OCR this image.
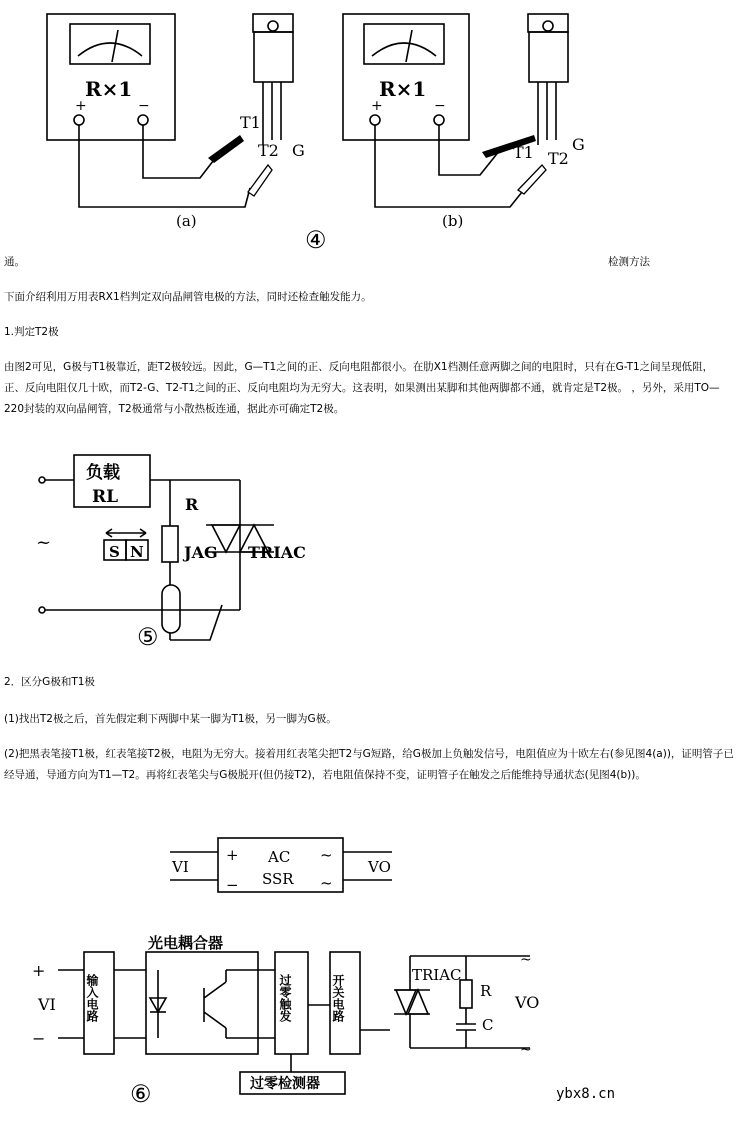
R×1	R×1
+	−	+	−
T1
T2 G	T1 T2
G
(a)	(b)
④
通。	检测方法
下面介绍利用万用表RX1档判定双向晶闸管电极的方法，同时还检查触发能力。
1.判定T2极
由图2可见，G极与T1极靠近，距T2极较远。因此，G—T1之间的正、反向电阻都很小。在肋X1档测任意两脚之间的电阻时，只有在G-T1之间呈现低阻，正、反向电阻仅几十欧，而T2-G、T2-T1之间的正、反向电阻均为无穷大。这表明，如果测出某脚和其他两脚都不通，就肯定是T2极。 ，另外，采用TO—220封装的双向晶闸管，T2极通常与小散热板连通，据此亦可确定T2极。
负载
RL	R
S N	JAG TRIAC
~
⑤
2．区分G极和T1极
(1)找出T2极之后，首先假定剩下两脚中某一脚为T1极，另一脚为G极。
(2)把黑表笔接T1极，红表笔接T2极，电阻为无穷大。接着用红表笔尖把T2与G短路，给G极加上负触发信号，电阻值应为十欧左右(参见图4(a))，证明管子已经导通，导通方向为T1—T2。再将红表笔尖与G极脱开(但仍接T2)，若电阻值保持不变，证明管子在触发之后能维持导通状态(见图4(b))。
+
−
AC
SSR
~
~
VI	VO
光电耦合器
输入电路	过零触发	开关电路	TRIAC
R
C
+
−
VI	VO
~
~
过零检测器
⑥	ybx8.cn
